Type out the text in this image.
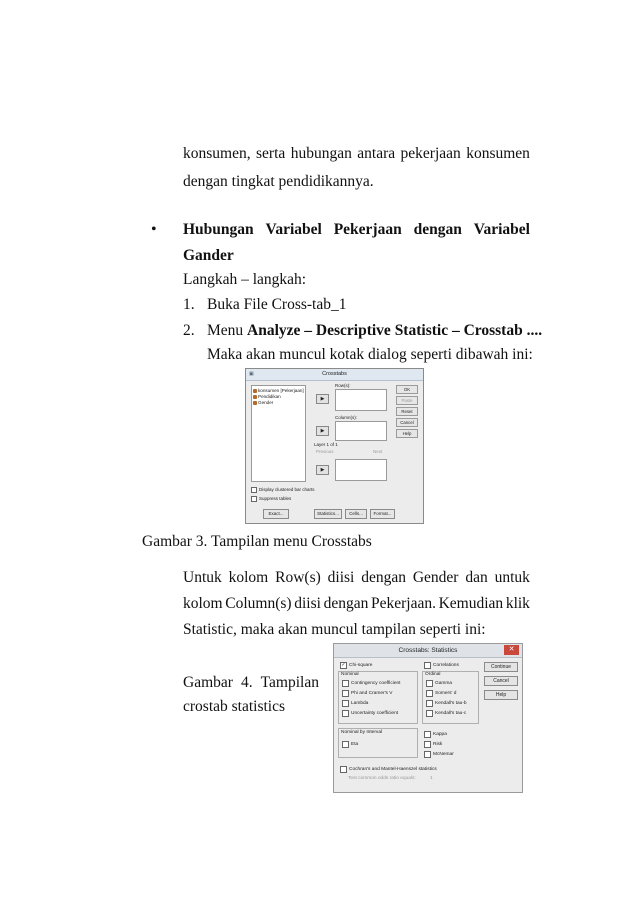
konsumen, serta hubungan antara pekerjaan konsumen
dengan tingkat pendidikannya.
• Hubungan Variabel Pekerjaan dengan Variabel
Gander
Langkah – langkah:
1. Buka File Cross-tab_1
2. Menu Analyze – Descriptive Statistic – Crosstab ....
Maka akan muncul kotak dialog seperti dibawah ini:
Crosstabs
▣
konsumen [Pekerjaan]
Pendidikan
Gender
Row(s):
▶
Column(s):
▶
Layer 1 of 1
Previous	Next
▶
OK
Paste
Reset
Cancel
Help
Display clustered bar charts
Suppress tables
Exact...	Statistics...	Cells...	Format...
Gambar 3. Tampilan menu Crosstabs
Untuk kolom Row(s) diisi dengan Gender dan untuk
kolom Column(s) diisi dengan Pekerjaan. Kemudian klik
Statistic, maka akan muncul tampilan seperti ini:
Gambar 4. Tampilan
crostab statistics
Crosstabs: Statistics	✕
✓ Chi-square	Correlations
Nominal
Contingency coefficient
Phi and Cramer's V
Lambda
Uncertainty coefficient
Ordinal
Gamma
Somers' d
Kendall's tau-b
Kendall's tau-c
Nominal by Interval
Eta
Kappa
Risk
McNemar
Cochran's and Mantel-Haenszel statistics
Test common odds ratio equals:	1
Continue
Cancel
Help
